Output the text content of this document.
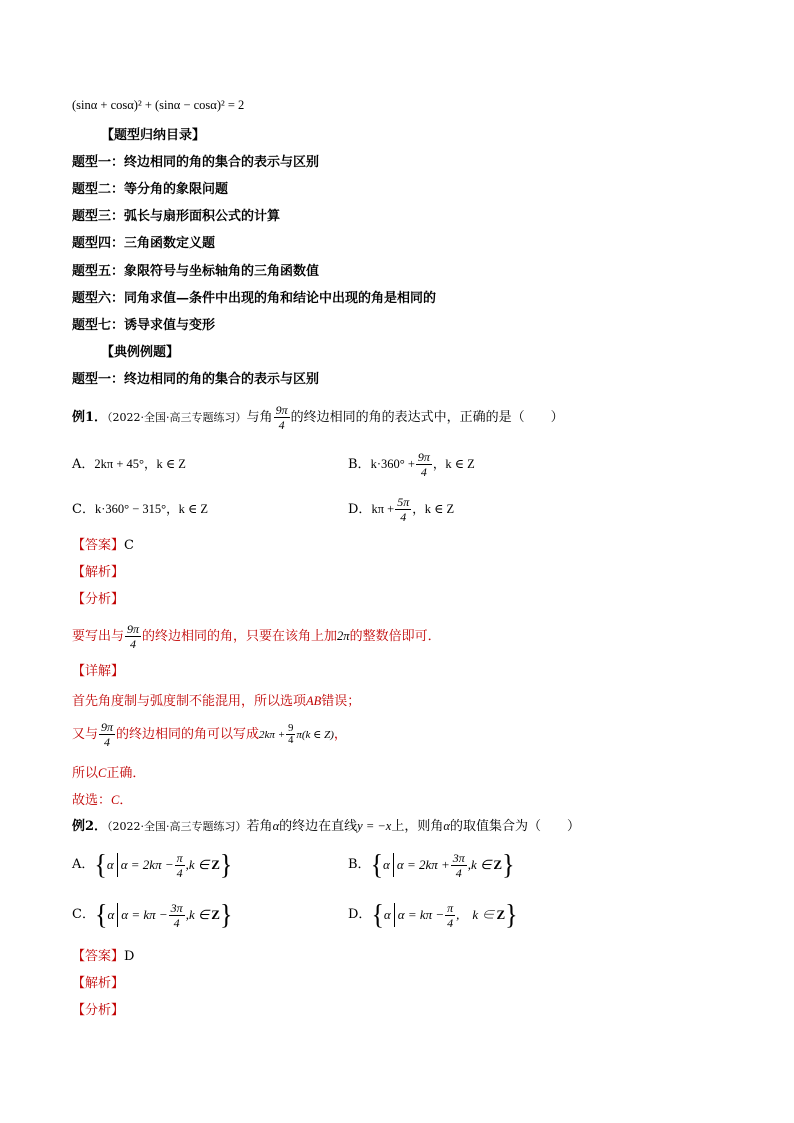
(sinα + cosα)² + (sinα − cosα)² = 2
【题型归纳目录】
题型一：终边相同的角的集合的表示与区别
题型二：等分角的象限问题
题型三：弧长与扇形面积公式的计算
题型四：三角函数定义题
题型五：象限符号与坐标轴角的三角函数值
题型六：同角求值—条件中出现的角和结论中出现的角是相同的
题型七：诱导求值与变形
【典例例题】
题型一：终边相同的角的集合的表示与区别
例1．（2022·全国·高三专题练习）与角 $\frac{9\pi}{4}$ 的终边相同的角的表达式中，正确的是（　　）
A．2kπ + 45°，k ∈ Z	B．$k\cdot 360^\circ + \frac{9\pi}{4}$ ，k ∈ Z
C．k·360° − 315°，k ∈ Z	D．$k\pi + \frac{5\pi}{4}$ ，k ∈ Z
【答案】C
【解析】
【分析】
要写出与 $\frac{9\pi}{4}$ 的终边相同的角，只要在该角上加2π的整数倍即可．
【详解】
首先角度制与弧度制不能混用，所以选项AB错误；
又与 $\frac{9\pi}{4}$ 的终边相同的角可以写成$2k\pi + \frac{9}{4} \pi(k$ ∈ Z)，
所以C正确．
故选：C．
例2．（2022·全国·高三专题练习）若角α的终边在直线y = −x上，则角α的取值集合为（　　）
A． { α $\alpha = 2k\pi - \frac{\pi}{4} ,k$ ∈ Z }	B． { α $\alpha = 2k\pi + \frac{3\pi}{4} ,k$ ∈ Z }
C． { α $\alpha = k\pi - \frac{3\pi}{4} ,k$ ∈ Z }	D． { α $\alpha = k\pi - \frac{\pi}{4}$ ,　k ∈ Z }
【答案】D
【解析】
【分析】
